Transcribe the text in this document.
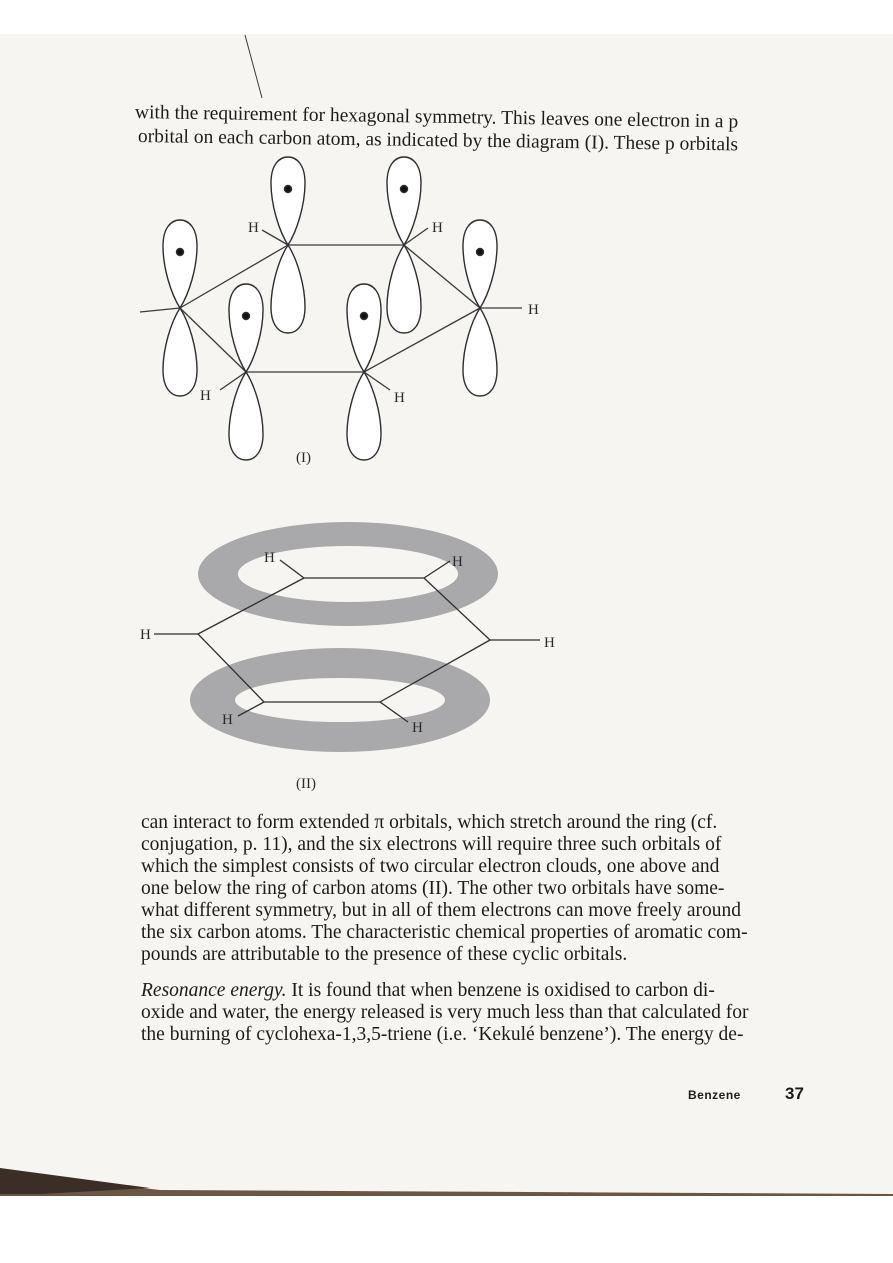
with the requirement for hexagonal symmetry. This leaves one electron in a p
orbital on each carbon atom, as indicated by the diagram (I). These p orbitals
H	H
H
H
H
(I)
H	H
H
H
H	H
(II)
can interact to form extended π orbitals, which stretch around the ring (cf.
conjugation, p. 11), and the six electrons will require three such orbitals of
which the simplest consists of two circular electron clouds, one above and
one below the ring of carbon atoms (II). The other two orbitals have some-
what different symmetry, but in all of them electrons can move freely around
the six carbon atoms. The characteristic chemical properties of aromatic com-
pounds are attributable to the presence of these cyclic orbitals.
Resonance energy. It is found that when benzene is oxidised to carbon di-
oxide and water, the energy released is very much less than that calculated for
the burning of cyclohexa-1,3,5-triene (i.e. ‘Kekulé benzene’). The energy de-
Benzene	37
